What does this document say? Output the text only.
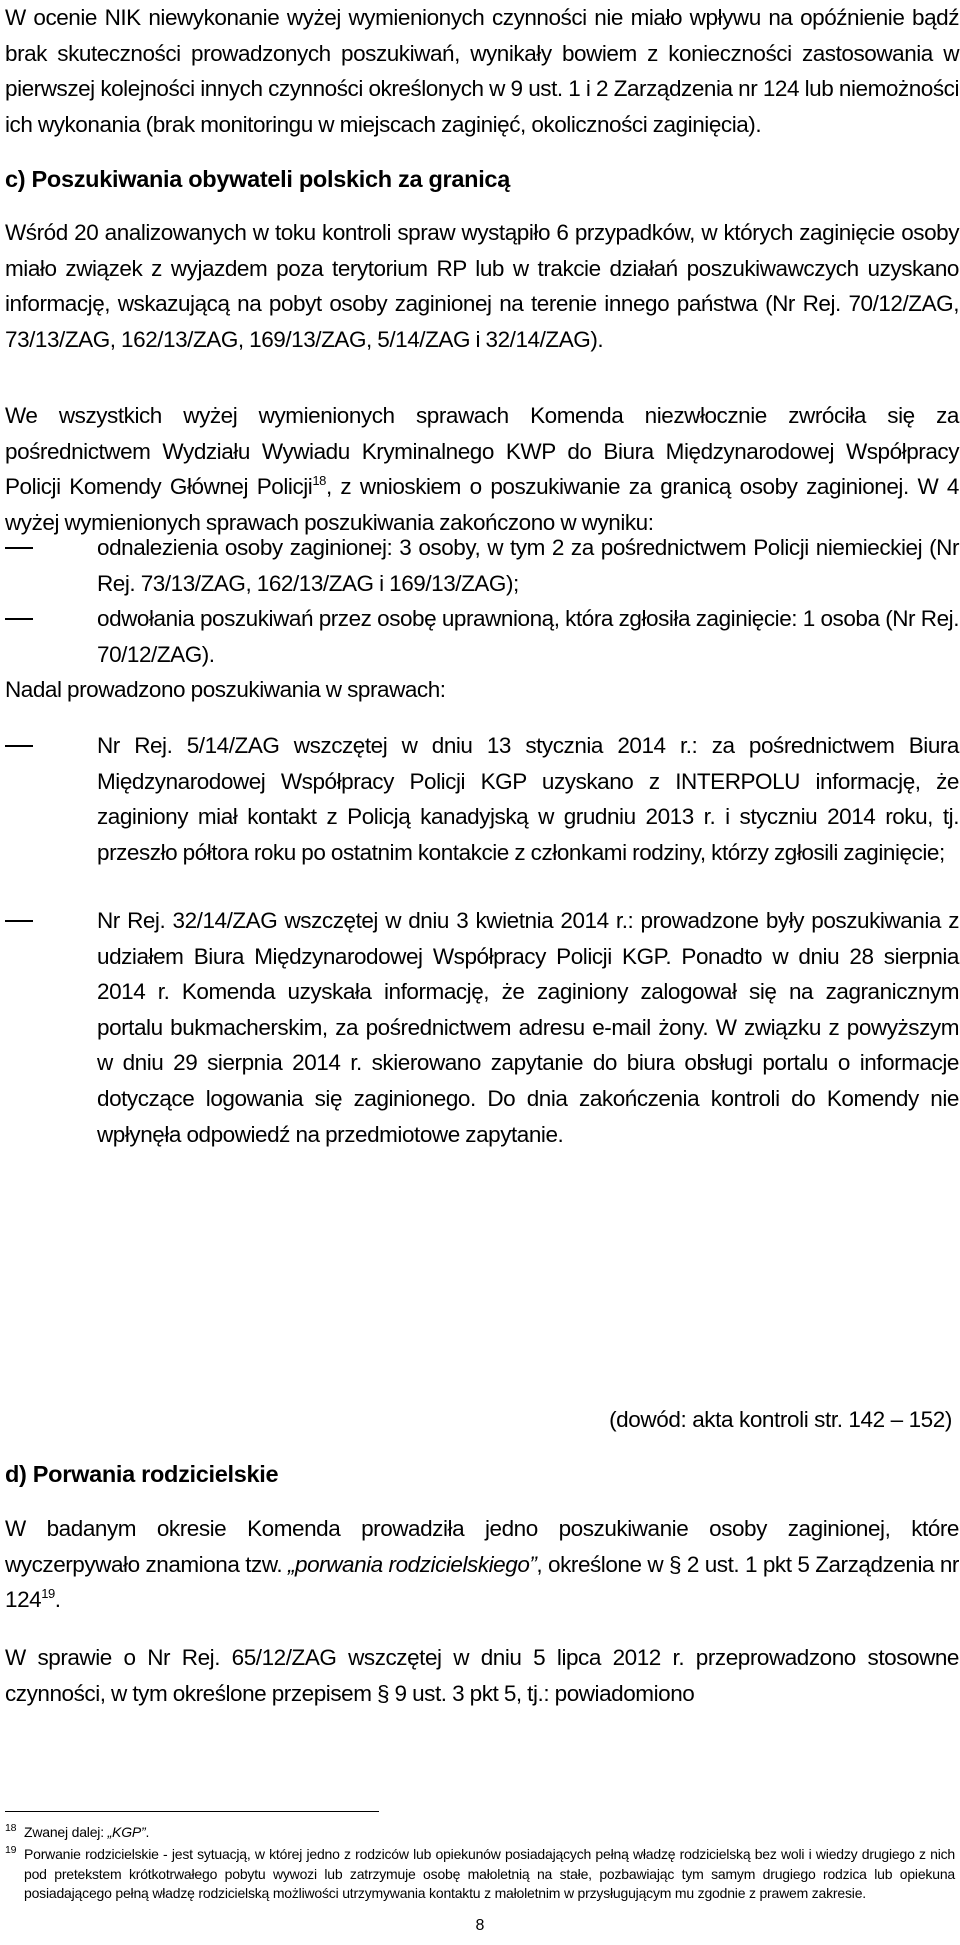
W ocenie NIK niewykonanie wyżej wymienionych czynności nie miało wpływu na opóźnienie bądź brak skuteczności prowadzonych poszukiwań, wynikały bowiem z konieczności zastosowania w pierwszej kolejności innych czynności określonych w 9 ust. 1 i 2 Zarządzenia nr 124 lub niemożności ich wykonania (brak monitoringu w miejscach zaginięć, okoliczności zaginięcia).

c) Poszukiwania obywateli polskich za granicą

Wśród 20 analizowanych w toku kontroli spraw wystąpiło 6 przypadków, w których zaginięcie osoby miało związek z wyjazdem poza terytorium RP lub w trakcie działań poszukiwawczych uzyskano informację, wskazującą na pobyt osoby zaginionej na terenie innego państwa (Nr Rej. 70/12/ZAG, 73/13/ZAG, 162/13/ZAG, 169/13/ZAG, 5/14/ZAG i 32/14/ZAG).

We wszystkich wyżej wymienionych sprawach Komenda niezwłocznie zwróciła się za pośrednictwem Wydziału Wywiadu Kryminalnego KWP do Biura Międzynarodowej Współpracy Policji Komendy Głównej Policji$^{18}$, z wnioskiem o poszukiwanie za granicą osoby zaginionej. W 4 wyżej wymienionych sprawach poszukiwania zakończono w wyniku:

odnalezienia osoby zaginionej: 3 osoby, w tym 2 za pośrednictwem Policji niemieckiej (Nr Rej. 73/13/ZAG, 162/13/ZAG i 169/13/ZAG);

odwołania poszukiwań przez osobę uprawnioną, która zgłosiła zaginięcie: 1 osoba (Nr Rej. 70/12/ZAG).

Nadal prowadzono poszukiwania w sprawach:

Nr Rej. 5/14/ZAG wszczętej w dniu 13 stycznia 2014 r.: za pośrednictwem Biura Międzynarodowej Współpracy Policji KGP uzyskano z INTERPOLU informację, że zaginiony miał kontakt z Policją kanadyjską w grudniu 2013 r. i styczniu 2014 roku, tj. przeszło półtora roku po ostatnim kontakcie z członkami rodziny, którzy zgłosili zaginięcie;

Nr Rej. 32/14/ZAG wszczętej w dniu 3 kwietnia 2014 r.: prowadzone były poszukiwania z udziałem Biura Międzynarodowej Współpracy Policji KGP. Ponadto w dniu 28 sierpnia 2014 r. Komenda uzyskała informację, że zaginiony zalogował się na zagranicznym portalu bukmacherskim, za pośrednictwem adresu e-mail żony. W związku z powyższym w dniu 29 sierpnia 2014 r. skierowano zapytanie do biura obsługi portalu o informacje dotyczące logowania się zaginionego. Do dnia zakończenia kontroli do Komendy nie wpłynęła odpowiedź na przedmiotowe zapytanie.

(dowód: akta kontroli str. 142 – 152)

d) Porwania rodzicielskie

W badanym okresie Komenda prowadziła jedno poszukiwanie osoby zaginionej, które wyczerpywało znamiona tzw. „porwania rodzicielskiego”, określone w § 2 ust. 1 pkt 5 Zarządzenia nr $124^{19}$.

W sprawie o Nr Rej. 65/12/ZAG wszczętej w dniu 5 lipca 2012 r. przeprowadzono stosowne czynności, w tym określone przepisem § 9 ust. 3 pkt 5, tj.: powiadomiono

18 Zwanej dalej: „KGP”.

19 Porwanie rodzicielskie - jest sytuacją, w której jedno z rodziców lub opiekunów posiadających pełną władzę rodzicielską bez woli i wiedzy drugiego z nich pod pretekstem krótkotrwałego pobytu wywozi lub zatrzymuje osobę małoletnią na stałe, pozbawiając tym samym drugiego rodzica lub opiekuna posiadającego pełną władzę rodzicielską możliwości utrzymywania kontaktu z małoletnim w przysługującym mu zgodnie z prawem zakresie.

8
